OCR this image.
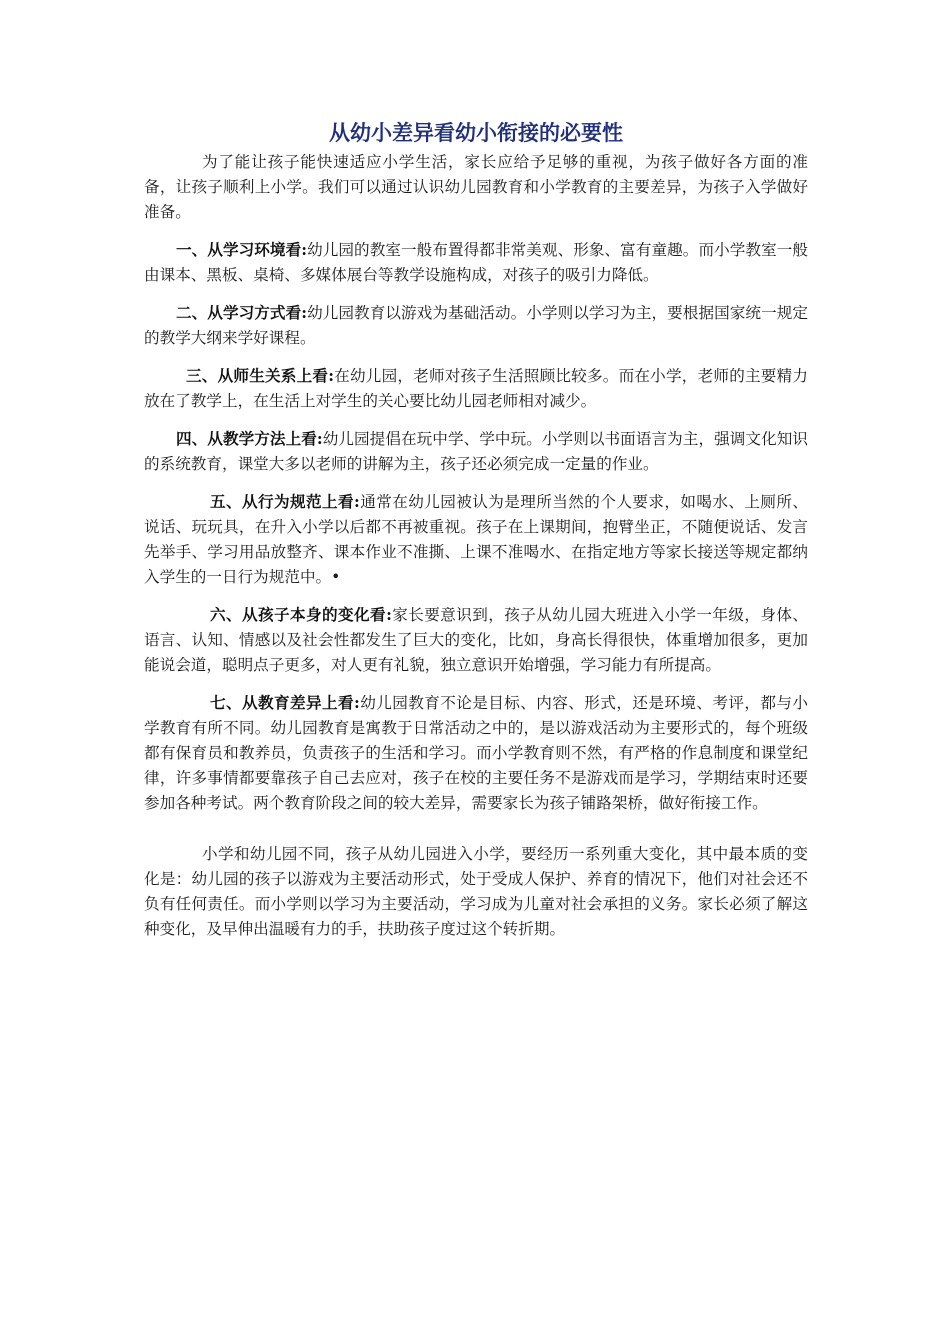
从幼小差异看幼小衔接的必要性

为了能让孩子能快速适应小学生活，家长应给予足够的重视，为孩子做好各方面的准备，让孩子顺利上小学。我们可以通过认识幼儿园教育和小学教育的主要差异，为孩子入学做好准备。

一、从学习环境看:幼儿园的教室一般布置得都非常美观、形象、富有童趣。而小学教室一般由课本、黑板、桌椅、多媒体展台等教学设施构成，对孩子的吸引力降低。

二、从学习方式看:幼儿园教育以游戏为基础活动。小学则以学习为主，要根据国家统一规定的教学大纲来学好课程。

三、从师生关系上看:在幼儿园，老师对孩子生活照顾比较多。而在小学，老师的主要精力放在了教学上，在生活上对学生的关心要比幼儿园老师相对减少。

四、从教学方法上看:幼儿园提倡在玩中学、学中玩。小学则以书面语言为主，强调文化知识的系统教育，课堂大多以老师的讲解为主，孩子还必须完成一定量的作业。

五、从行为规范上看:通常在幼儿园被认为是理所当然的个人要求，如喝水、上厕所、说话、玩玩具，在升入小学以后都不再被重视。孩子在上课期间，抱臂坐正，不随便说话、发言先举手、学习用品放整齐、课本作业不准撕、上课不准喝水、在指定地方等家长接送等规定都纳入学生的一日行为规范中。•

六、从孩子本身的变化看:家长要意识到，孩子从幼儿园大班进入小学一年级，身体、语言、认知、情感以及社会性都发生了巨大的变化，比如，身高长得很快，体重增加很多，更加能说会道，聪明点子更多，对人更有礼貌，独立意识开始增强，学习能力有所提高。

七、从教育差异上看:幼儿园教育不论是目标、内容、形式，还是环境、考评，都与小学教育有所不同。幼儿园教育是寓教于日常活动之中的，是以游戏活动为主要形式的，每个班级都有保育员和教养员，负责孩子的生活和学习。而小学教育则不然，有严格的作息制度和课堂纪律，许多事情都要靠孩子自己去应对，孩子在校的主要任务不是游戏而是学习，学期结束时还要参加各种考试。两个教育阶段之间的较大差异，需要家长为孩子铺路架桥，做好衔接工作。

小学和幼儿园不同，孩子从幼儿园进入小学，要经历一系列重大变化，其中最本质的变化是：幼儿园的孩子以游戏为主要活动形式，处于受成人保护、养育的情况下，他们对社会还不负有任何责任。而小学则以学习为主要活动，学习成为儿童对社会承担的义务。家长必须了解这种变化，及早伸出温暖有力的手，扶助孩子度过这个转折期。
